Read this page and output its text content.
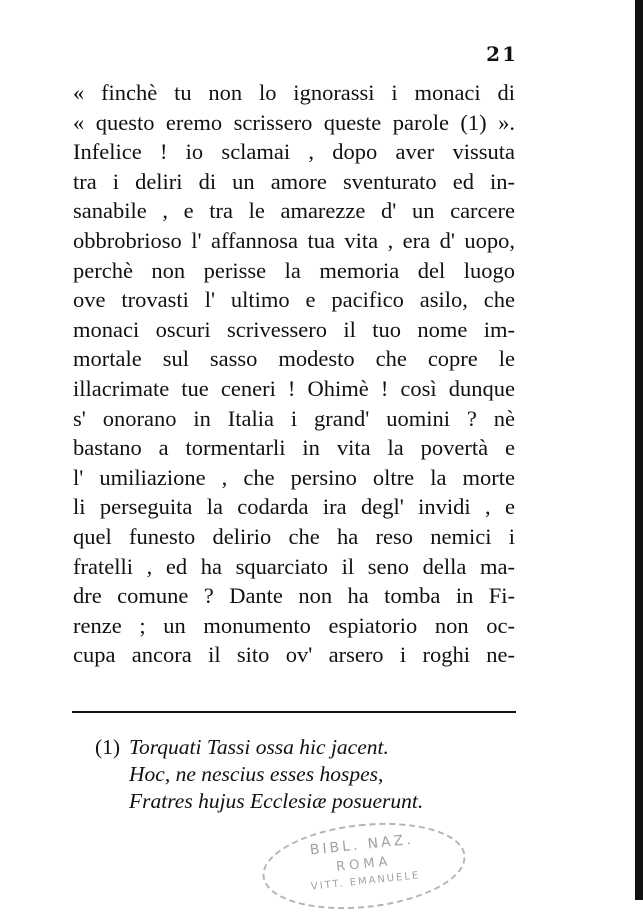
21
« finchè tu non lo ignorassi i monaci di
« questo eremo scrissero queste parole (1) ».
Infelice ! io sclamai , dopo aver vissuta
tra i deliri di un amore sventurato ed in-
sanabile , e tra le amarezze d' un carcere
obbrobrioso l' affannosa tua vita , era d' uopo,
perchè non perisse la memoria del luogo
ove trovasti l' ultimo e pacifico asilo, che
monaci oscuri scrivessero il tuo nome im-
mortale sul sasso modesto che copre le
illacrimate tue ceneri ! Ohimè ! così dunque
s' onorano in Italia i grand' uomini ? nè
bastano a tormentarli in vita la povertà e
l' umiliazione , che persino oltre la morte
li perseguita la codarda ira degl' invidi , e
quel funesto delirio che ha reso nemici i
fratelli , ed ha squarciato il seno della ma-
dre comune ? Dante non ha tomba in Fi-
renze ; un monumento espiatorio non oc-
cupa ancora il sito ov' arsero i roghi ne-
(1) Torquati Tassi ossa hic jacent.
Hoc, ne nescius esses hospes,
Fratres hujus Ecclesiæ posuerunt.
BIBL. NAZ.
ROMA
VITT. EMANUELE
